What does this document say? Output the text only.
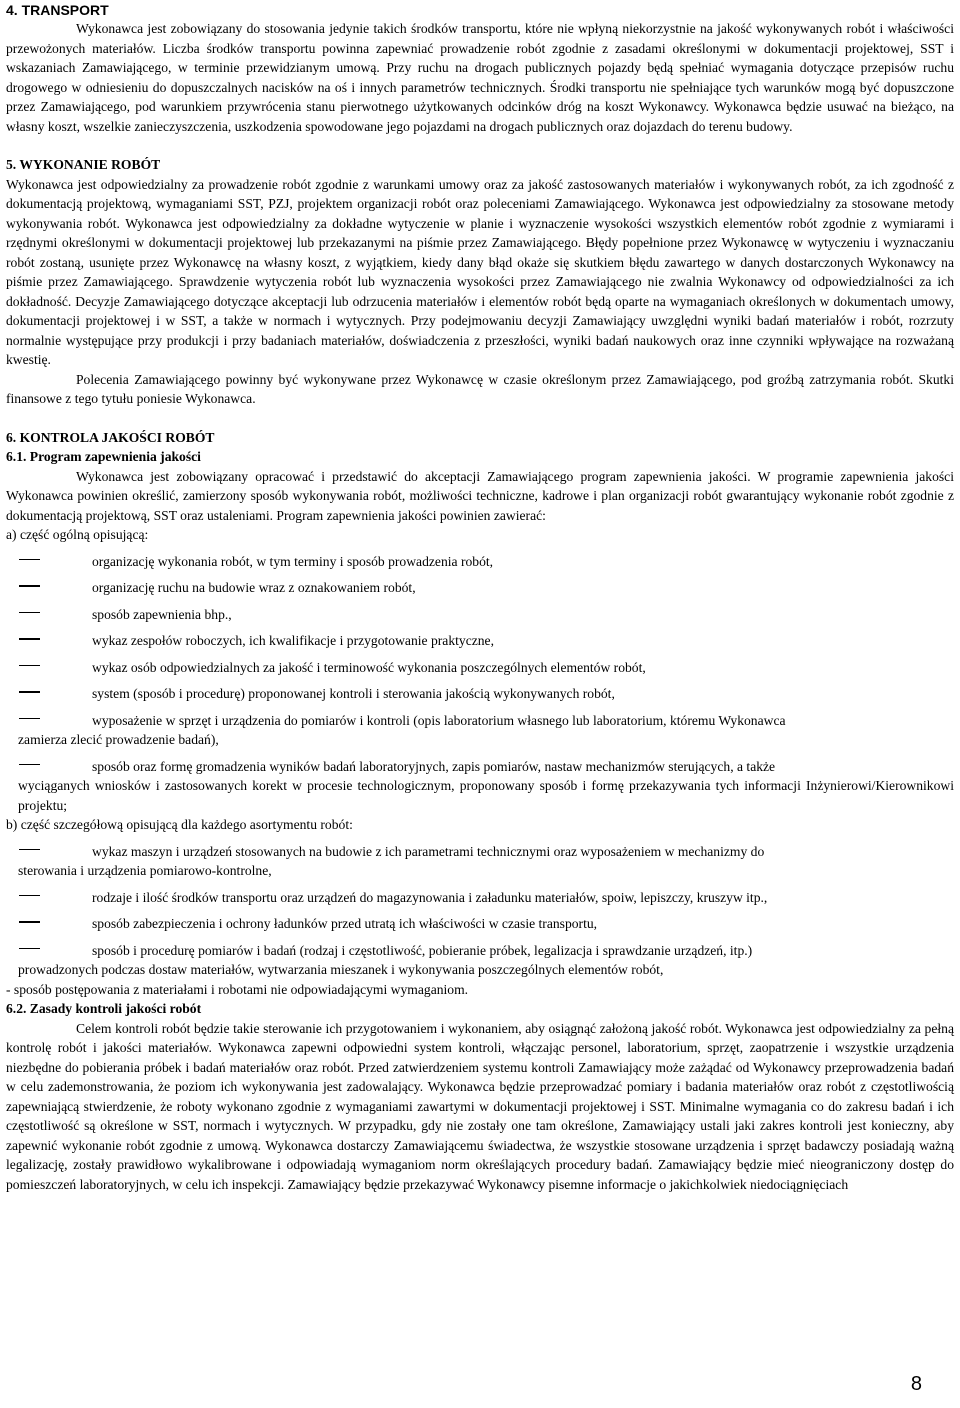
4. TRANSPORT

Wykonawca jest zobowiązany do stosowania jedynie takich środków transportu, które nie wpłyną niekorzystnie na jakość wykonywanych robót i właściwości przewożonych materiałów. Liczba środków transportu powinna zapewniać prowadzenie robót zgodnie z zasadami określonymi w dokumentacji projektowej, SST i wskazaniach Zamawiającego, w terminie przewidzianym umową. Przy ruchu na drogach publicznych pojazdy będą spełniać wymagania dotyczące przepisów ruchu drogowego w odniesieniu do dopuszczalnych nacisków na oś i innych parametrów technicznych. Środki transportu nie spełniające tych warunków mogą być dopuszczone przez Zamawiającego, pod warunkiem przywrócenia stanu pierwotnego użytkowanych odcinków dróg na koszt Wykonawcy. Wykonawca będzie usuwać na bieżąco, na własny koszt, wszelkie zanieczyszczenia, uszkodzenia spowodowane jego pojazdami na drogach publicznych oraz dojazdach do terenu budowy.

5. WYKONANIE ROBÓT

Wykonawca jest odpowiedzialny za prowadzenie robót zgodnie z warunkami umowy oraz za jakość zastosowanych materiałów i wykonywanych robót, za ich zgodność z dokumentacją projektową, wymaganiami SST, PZJ, projektem organizacji robót oraz poleceniami Zamawiającego. Wykonawca jest odpowiedzialny za stosowane metody wykonywania robót. Wykonawca jest odpowiedzialny za dokładne wytyczenie w planie i wyznaczenie wysokości wszystkich elementów robót zgodnie z wymiarami i rzędnymi określonymi w dokumentacji projektowej lub przekazanymi na piśmie przez Zamawiającego. Błędy popełnione przez Wykonawcę w wytyczeniu i wyznaczaniu robót zostaną, usunięte przez Wykonawcę na własny koszt, z wyjątkiem, kiedy dany błąd okaże się skutkiem błędu zawartego w danych dostarczonych Wykonawcy na piśmie przez Zamawiającego. Sprawdzenie wytyczenia robót lub wyznaczenia wysokości przez Zamawiającego nie zwalnia Wykonawcy od odpowiedzialności za ich dokładność. Decyzje Zamawiającego dotyczące akceptacji lub odrzucenia materiałów i elementów robót będą oparte na wymaganiach określonych w dokumentach umowy, dokumentacji projektowej i w SST, a także w normach i wytycznych. Przy podejmowaniu decyzji Zamawiający uwzględni wyniki badań materiałów i robót, rozrzuty normalnie występujące przy produkcji i przy badaniach materiałów, doświadczenia z przeszłości, wyniki badań naukowych oraz inne czynniki wpływające na rozważaną kwestię.

Polecenia Zamawiającego powinny być wykonywane przez Wykonawcę w czasie określonym przez Zamawiającego, pod groźbą zatrzymania robót. Skutki finansowe z tego tytułu poniesie Wykonawca.

6. KONTROLA JAKOŚCI ROBÓT
6.1. Program zapewnienia jakości

Wykonawca jest zobowiązany opracować i przedstawić do akceptacji Zamawiającego program zapewnienia jakości. W programie zapewnienia jakości Wykonawca powinien określić, zamierzony sposób wykonywania robót, możliwości techniczne, kadrowe i plan organizacji robót gwarantujący wykonanie robót zgodnie z dokumentacją projektową, SST oraz ustaleniami. Program zapewnienia jakości powinien zawierać:

a) część ogólną opisującą:

organizację wykonania robót, w tym terminy i sposób prowadzenia robót,
organizację ruchu na budowie wraz z oznakowaniem robót,
sposób zapewnienia bhp.,
wykaz zespołów roboczych, ich kwalifikacje i przygotowanie praktyczne,
wykaz osób odpowiedzialnych za jakość i terminowość wykonania poszczególnych elementów robót,
system (sposób i procedurę) proponowanej kontroli i sterowania jakością wykonywanych robót,
wyposażenie w sprzęt i urządzenia do pomiarów i kontroli (opis laboratorium własnego lub laboratorium, któremu Wykonawca
zamierza zlecić prowadzenie badań),
sposób oraz formę gromadzenia wyników badań laboratoryjnych, zapis pomiarów, nastaw mechanizmów sterujących, a także
wyciąganych wniosków i zastosowanych korekt w procesie technologicznym, proponowany sposób i formę przekazywania tych informacji Inżynierowi/Kierownikowi projektu;

b) część szczegółową opisującą dla każdego asortymentu robót:

wykaz maszyn i urządzeń stosowanych na budowie z ich parametrami technicznymi oraz wyposażeniem w mechanizmy do
sterowania i urządzenia pomiarowo-kontrolne,
rodzaje i ilość środków transportu oraz urządzeń do magazynowania i załadunku materiałów, spoiw, lepiszczy, kruszyw itp.,
sposób zabezpieczenia i ochrony ładunków przed utratą ich właściwości w czasie transportu,
sposób i procedurę pomiarów i badań (rodzaj i częstotliwość, pobieranie próbek, legalizacja i sprawdzanie urządzeń, itp.)
prowadzonych podczas dostaw materiałów, wytwarzania mieszanek i wykonywania poszczególnych elementów robót,

- sposób postępowania z materiałami i robotami nie odpowiadającymi wymaganiom.

6.2. Zasady kontroli jakości robót

Celem kontroli robót będzie takie sterowanie ich przygotowaniem i wykonaniem, aby osiągnąć założoną jakość robót. Wykonawca jest odpowiedzialny za pełną kontrolę robót i jakości materiałów. Wykonawca zapewni odpowiedni system kontroli, włączając personel, laboratorium, sprzęt, zaopatrzenie i wszystkie urządzenia niezbędne do pobierania próbek i badań materiałów oraz robót. Przed zatwierdzeniem systemu kontroli Zamawiający może zażądać od Wykonawcy przeprowadzenia badań w celu zademonstrowania, że poziom ich wykonywania jest zadowalający. Wykonawca będzie przeprowadzać pomiary i badania materiałów oraz robót z częstotliwością zapewniającą stwierdzenie, że roboty wykonano zgodnie z wymaganiami zawartymi w dokumentacji projektowej i SST. Minimalne wymagania co do zakresu badań i ich częstotliwość są określone w SST, normach i wytycznych. W przypadku, gdy nie zostały one tam określone, Zamawiający ustali jaki zakres kontroli jest konieczny, aby zapewnić wykonanie robót zgodnie z umową. Wykonawca dostarczy Zamawiającemu świadectwa, że wszystkie stosowane urządzenia i sprzęt badawczy posiadają ważną legalizację, zostały prawidłowo wykalibrowane i odpowiadają wymaganiom norm określających procedury badań. Zamawiający będzie mieć nieograniczony dostęp do pomieszczeń laboratoryjnych, w celu ich inspekcji. Zamawiający będzie przekazywać Wykonawcy pisemne informacje o jakichkolwiek niedociągnięciach

8
